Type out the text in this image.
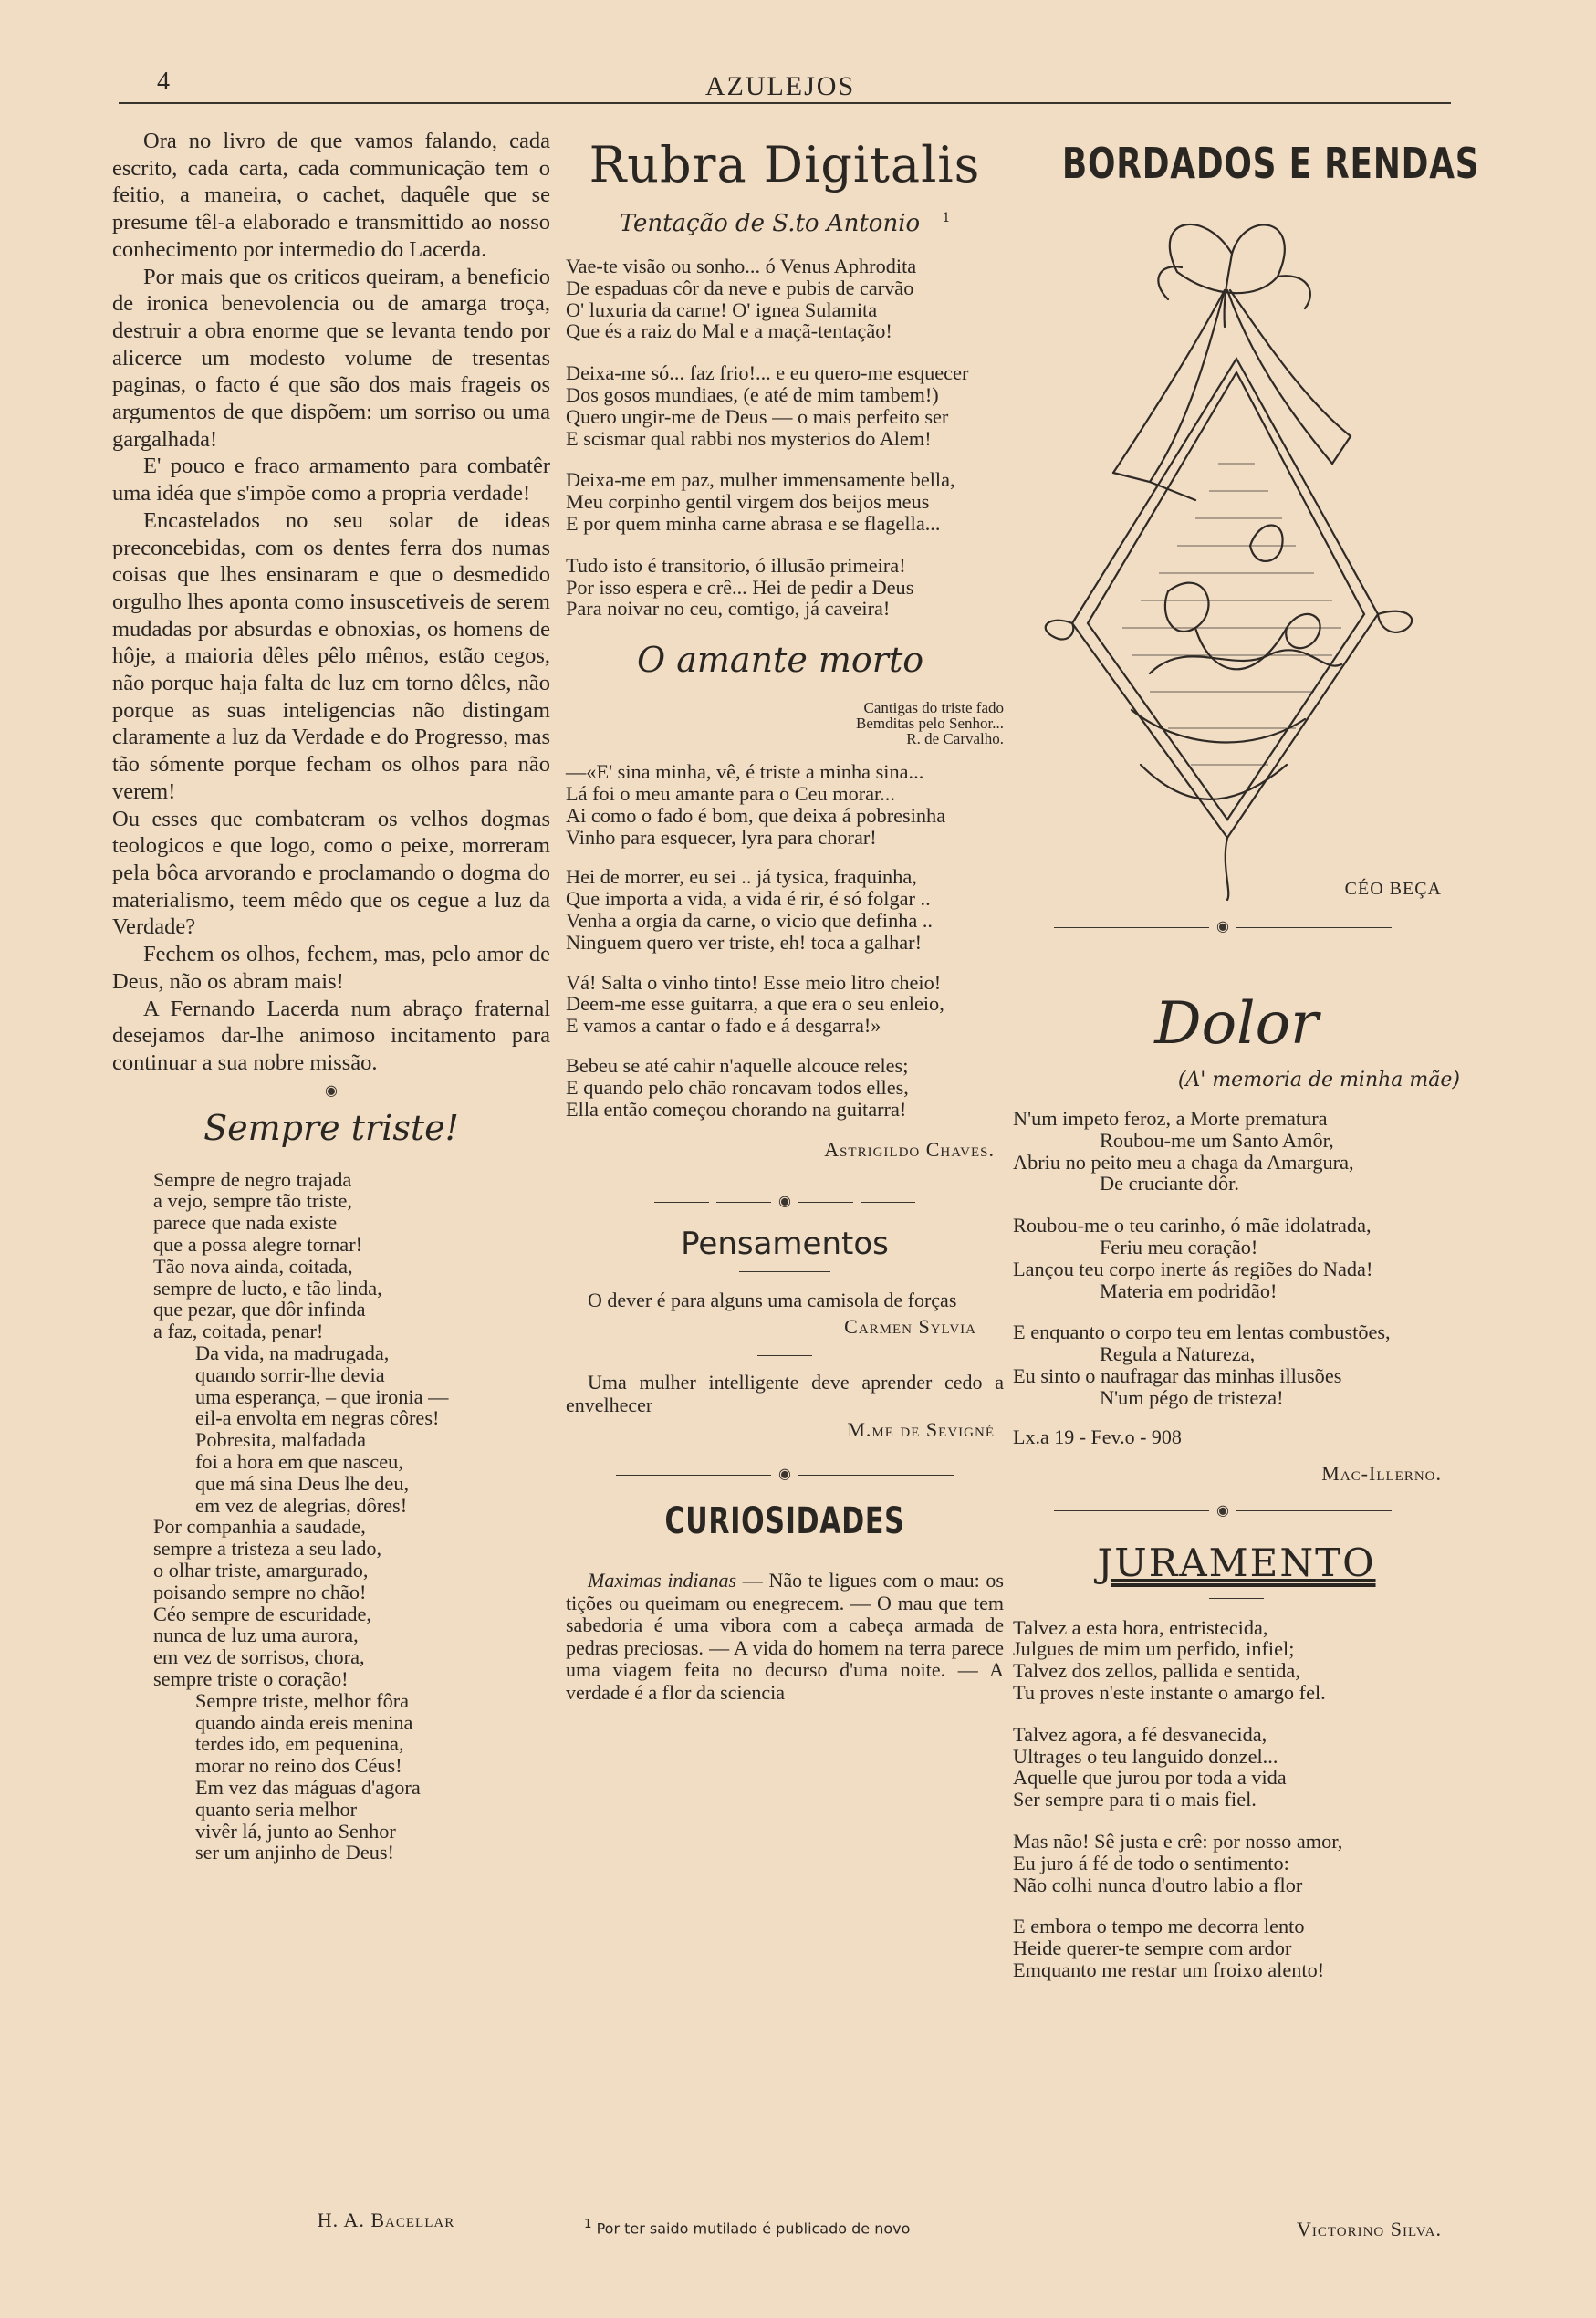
4	AZULEJOS

Ora no livro de que vamos falando, cada escrito, cada carta, cada communicação tem o feitio, a maneira, o cachet, daquêle que se presume têl-a elaborado e transmittido ao nosso conhecimento por intermedio do Lacerda.

Por mais que os criticos queiram, a beneficio de ironica benevolencia ou de amarga troça, destruir a obra enorme que se levanta tendo por alicerce um modesto volume de tresentas paginas, o facto é que são dos mais frageis os argumentos de que dispõem: um sorriso ou uma gargalhada!

E' pouco e fraco armamento para combatêr uma idéa que s'impõe como a propria verdade!

Encastelados no seu solar de ideas preconcebidas, com os dentes ferra dos numas coisas que lhes ensinaram e que o desmedido orgulho lhes aponta como insuscetiveis de serem mudadas por absurdas e obnoxias, os homens de hôje, a maioria dêles pêlo mênos, estão cegos, não porque haja falta de luz em torno dêles, não porque as suas inteligencias não distingam claramente a luz da Verdade e do Progresso, mas tão sómente porque fecham os olhos para não verem!

Ou esses que combateram os velhos dogmas teologicos e que logo, como o peixe, morreram pela bôca arvorando e proclamando o dogma do materialismo, teem mêdo que os cegue a luz da Verdade?

Fechem os olhos, fechem, mas, pelo amor de Deus, não os abram mais!

A Fernando Lacerda num abraço fraternal desejamos dar-lhe animoso incitamento para continuar a sua nobre missão.

◉
Sempre triste!
Sempre de negro trajada
a vejo, sempre tão triste,
parece que nada existe
que a possa alegre tornar!
Tão nova ainda, coitada,
sempre de lucto, e tão linda,
que pezar, que dôr infinda
a faz, coitada, penar!
Da vida, na madrugada,
quando sorrir-lhe devia
uma esperança, – que ironia —
eil-a envolta em negras côres!
Pobresita, malfadada
foi a hora em que nasceu,
que má sina Deus lhe deu,
em vez de alegrias, dôres!
Por companhia a saudade,
sempre a tristeza a seu lado,
o olhar triste, amargurado,
poisando sempre no chão!
Céo sempre de escuridade,
nunca de luz uma aurora,
em vez de sorrisos, chora,
sempre triste o coração!
Sempre triste, melhor fôra
quando ainda ereis menina
terdes ido, em pequenina,
morar no reino dos Céus!
Em vez das máguas d'agora
quanto seria melhor
vivêr lá, junto ao Senhor
ser um anjinho de Deus!
H. A. Bacellar
Rubra Digitalis
Tentação de S.to Antonio $^1$
Vae-te visão ou sonho... ó Venus Aphrodita
De espaduas côr da neve e pubis de carvão
O' luxuria da carne! O' ignea Sulamita
Que és a raiz do Mal e a maçã-tentação!
Deixa-me só... faz frio!... e eu quero-me esquecer
Dos gosos mundiaes, (e até de mim tambem!)
Quero ungir-me de Deus — o mais perfeito ser
E scismar qual rabbi nos mysterios do Alem!
Deixa-me em paz, mulher immensamente bella,
Meu corpinho gentil virgem dos beijos meus
E por quem minha carne abrasa e se flagella...
Tudo isto é transitorio, ó illusão primeira!
Por isso espera e crê... Hei de pedir a Deus
Para noivar no ceu, comtigo, já caveira!
O amante morto
Cantigas do triste fado
Bemditas pelo Senhor...
R. de Carvalho.
—«E' sina minha, vê, é triste a minha sina...
Lá foi o meu amante para o Ceu morar...
Ai como o fado é bom, que deixa á pobresinha
Vinho para esquecer, lyra para chorar!
Hei de morrer, eu sei .. já tysica, fraquinha,
Que importa a vida, a vida é rir, é só folgar ..
Venha a orgia da carne, o vicio que definha ..
Ninguem quero ver triste, eh! toca a galhar!
Vá! Salta o vinho tinto! Esse meio litro cheio!
Deem-me esse guitarra, a que era o seu enleio,
E vamos a cantar o fado e á desgarra!»
Bebeu se até cahir n'aquelle alcouce reles;
E quando pelo chão roncavam todos elles,
Ella então começou chorando na guitarra!
Astrigildo Chaves.
◉
Pensamentos

O dever é para alguns uma camisola de forças

Carmen Sylvia

Uma mulher intelligente deve aprender cedo a envelhecer

M.me de Sevigné
◉
CURIOSIDADES

Maximas indianas — Não te ligues com o mau: os tições ou queimam ou enegrecem. — O mau que tem sabedoria é uma vibora com a cabeça armada de pedras preciosas. — A vida do homem na terra parece uma viagem feita no decurso d'uma noite. — A verdade é a flor da sciencia

$^1$ Por ter saido mutilado é publicado de novo
BORDADOS E RENDAS
CÉO BEÇA
◉
Dolor
(A' memoria de minha mãe)
N'um impeto feroz, a Morte prematura
Roubou-me um Santo Amôr,
Abriu no peito meu a chaga da Amargura,
De cruciante dôr.
Roubou-me o teu carinho, ó mãe idolatrada,
Feriu meu coração!
Lançou teu corpo inerte ás regiões do Nada!
Materia em podridão!
E enquanto o corpo teu em lentas combustões,
Regula a Natureza,
Eu sinto o naufragar das minhas illusões
N'um pégo de tristeza!
Lx.a 19 - Fev.o - 908
Mac-Illerno.
◉
JURAMENTO
Talvez a esta hora, entristecida,
Julgues de mim um perfido, infiel;
Talvez dos zellos, pallida e sentida,
Tu proves n'este instante o amargo fel.
Talvez agora, a fé desvanecida,
Ultrages o teu languido donzel...
Aquelle que jurou por toda a vida
Ser sempre para ti o mais fiel.
Mas não! Sê justa e crê: por nosso amor,
Eu juro á fé de todo o sentimento:
Não colhi nunca d'outro labio a flor
E embora o tempo me decorra lento
Heide querer-te sempre com ardor
Emquanto me restar um froixo alento!
Victorino Silva.
